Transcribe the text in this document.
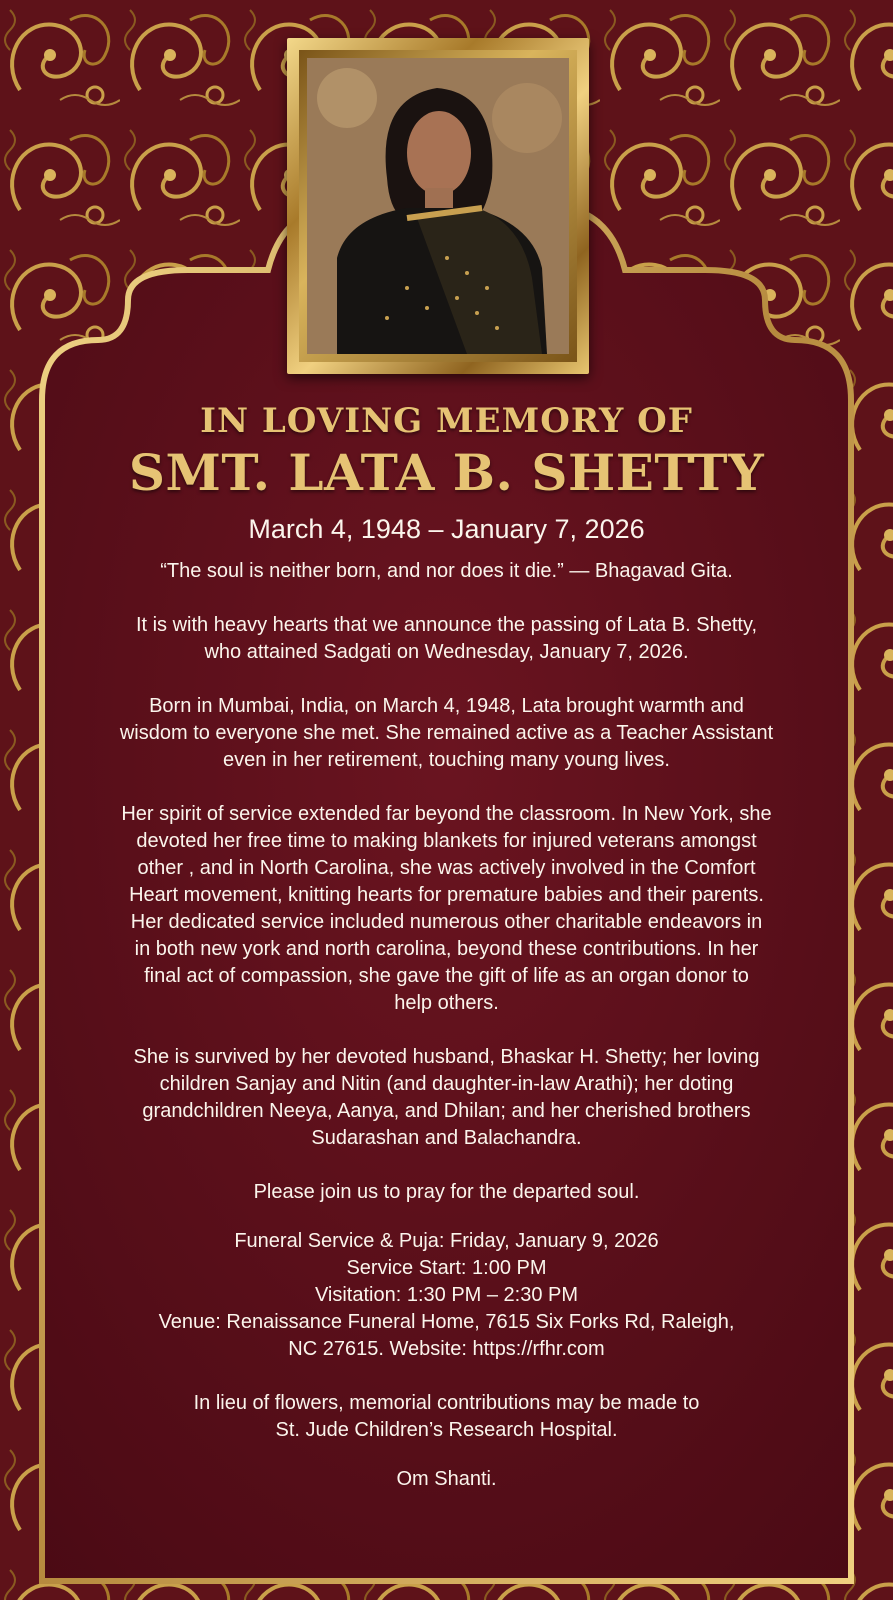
IN LOVING MEMORY OF
SMT. LATA B. SHETTY
March 4, 1948 – January 7, 2026

“The soul is neither born, and nor does it die.” — Bhagavad Gita.

It is with heavy hearts that we announce the passing of Lata B. Shetty,

who attained Sadgati on Wednesday, January 7, 2026.

Born in Mumbai, India, on March 4, 1948, Lata brought warmth and

wisdom to everyone she met. She remained active as a Teacher Assistant

even in her retirement, touching many young lives.

Her spirit of service extended far beyond the classroom. In New York, she

devoted her free time to making blankets for injured veterans amongst

other , and in North Carolina, she was actively involved in the Comfort

Heart movement, knitting hearts for premature babies and their parents.

Her dedicated service included numerous other charitable endeavors in

in both new york and north carolina, beyond these contributions. In her

final act of compassion, she gave the gift of life as an organ donor to

help others.

She is survived by her devoted husband, Bhaskar H. Shetty; her loving

children Sanjay and Nitin (and daughter-in-law Arathi); her doting

grandchildren Neeya, Aanya, and Dhilan; and her cherished brothers

Sudarashan and Balachandra.

Please join us to pray for the departed soul.

Funeral Service & Puja: Friday, January 9, 2026

Service Start: 1:00 PM

Visitation: 1:30 PM – 2:30 PM

Venue: Renaissance Funeral Home, 7615 Six Forks Rd, Raleigh,

NC 27615. Website: https://rfhr.com

In lieu of flowers, memorial contributions may be made to

St. Jude Children’s Research Hospital.

Om Shanti.
